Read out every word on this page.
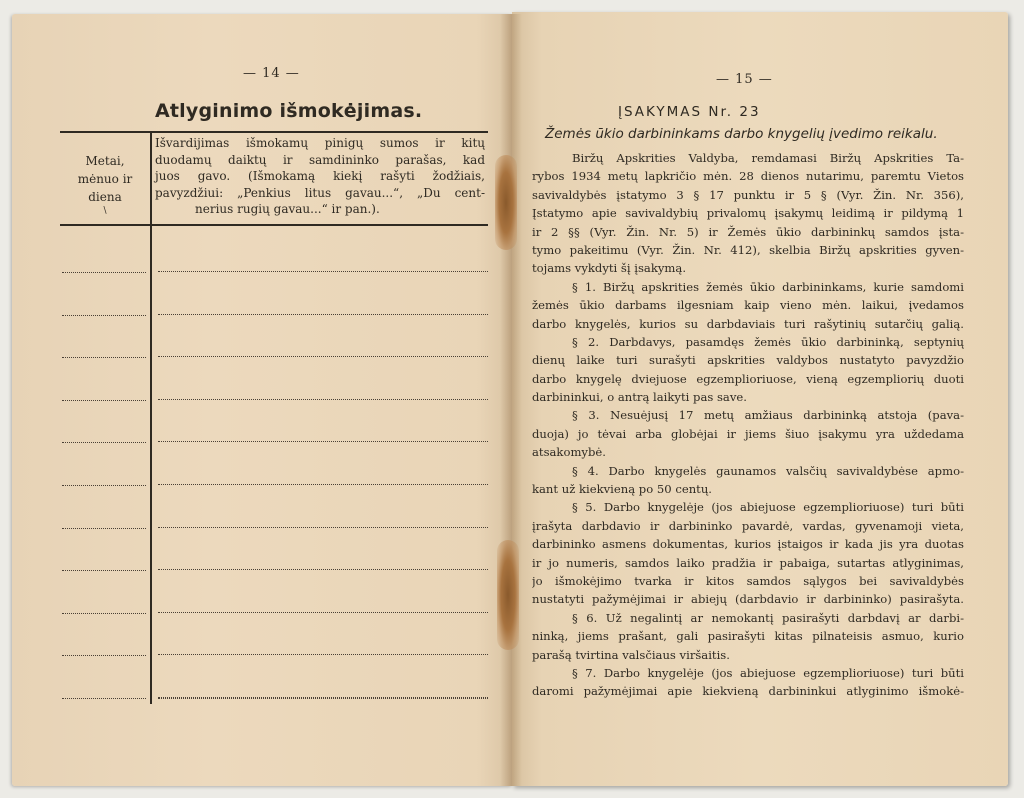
— 14 —
Atlyginimo išmokėjimas.
Metai,
mėnuo ir
diena
\
Išvardijimas išmokamų pinigų sumos ir kitų
duodamų daiktų ir samdininko parašas, kad
juos gavo. (Išmokamą kiekį rašyti žodžiais,
pavyzdžiui: „Penkius litus gavau...“, „Du cent-
nerius rugių gavau...“ ir pan.).
— 15 —
ĮSAKYMAS Nr. 23
Žemės ūkio darbininkams darbo knygelių įvedimo reikalu.
Biržų Apskrities Valdyba, remdamasi Biržų Apskrities Ta-
rybos 1934 metų lapkričio mėn. 28 dienos nutarimu, paremtu Vietos
savivaldybės įstatymo 3 § 17 punktu ir 5 § (Vyr. Žin. Nr. 356),
Įstatymo apie savivaldybių privalomų įsakymų leidimą ir pildymą 1
ir 2 §§ (Vyr. Žin. Nr. 5) ir Žemės ūkio darbininkų samdos įsta-
tymo pakeitimu (Vyr. Žin. Nr. 412), skelbia Biržų apskrities gyven-
tojams vykdyti šį įsakymą.
§ 1. Biržų apskrities žemės ūkio darbininkams, kurie samdomi
žemės ūkio darbams ilgesniam kaip vieno mėn. laikui, įvedamos
darbo knygelės, kurios su darbdaviais turi rašytinių sutarčių galią.
§ 2. Darbdavys, pasamdęs žemės ūkio darbininką, septynių
dienų laike turi surašyti apskrities valdybos nustatyto pavyzdžio
darbo knygelę dviejuose egzemplioriuose, vieną egzempliorių duoti
darbininkui, o antrą laikyti pas save.
§ 3. Nesuėjusį 17 metų amžiaus darbininką atstoja (pava-
duoja) jo tėvai arba globėjai ir jiems šiuo įsakymu yra uždedama
atsakomybė.
§ 4. Darbo knygelės gaunamos valsčių savivaldybėse apmo-
kant už kiekvieną po 50 centų.
§ 5. Darbo knygelėje (jos abiejuose egzemplioriuose) turi būti
įrašyta darbdavio ir darbininko pavardė, vardas, gyvenamoji vieta,
darbininko asmens dokumentas, kurios įstaigos ir kada jis yra duotas
ir jo numeris, samdos laiko pradžia ir pabaiga, sutartas atlyginimas,
jo išmokėjimo tvarka ir kitos samdos sąlygos bei savivaldybės
nustatyti pažymėjimai ir abiejų (darbdavio ir darbininko) pasirašyta.
§ 6. Už negalintį ar nemokantį pasirašyti darbdavį ar darbi-
ninką, jiems prašant, gali pasirašyti kitas pilnateisis asmuo, kurio
parašą tvirtina valsčiaus viršaitis.
§ 7. Darbo knygelėje (jos abiejuose egzemplioriuose) turi būti
daromi pažymėjimai apie kiekvieną darbininkui atlyginimo išmokė-
